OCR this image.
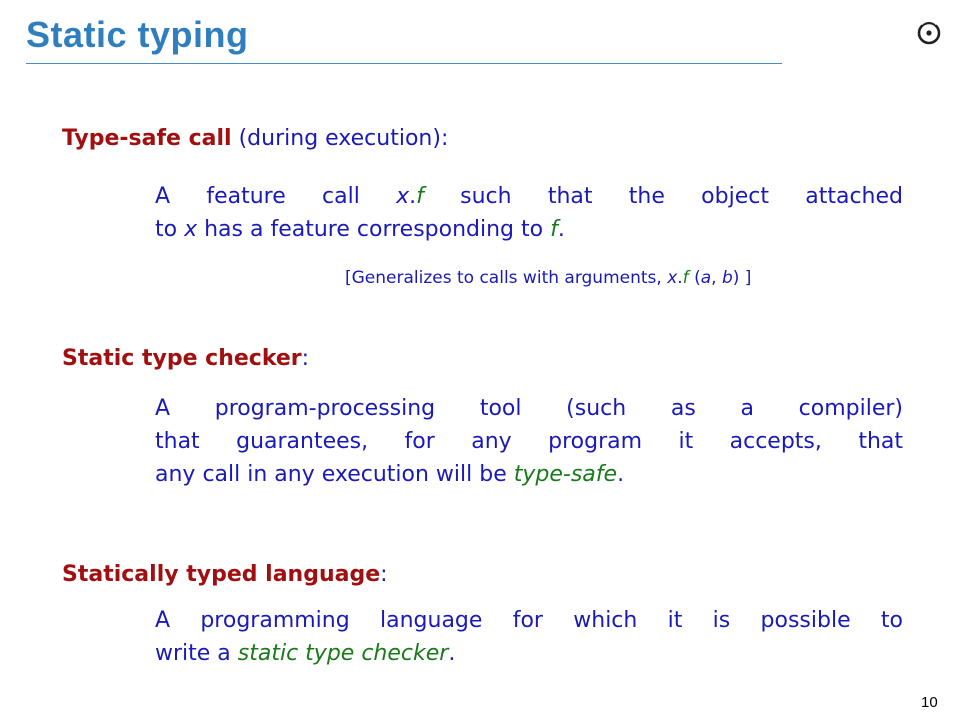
Static typing
Type-safe call (during execution):
A feature call x.f such that the object attached
to x has a feature corresponding to f.
[Generalizes to calls with arguments, x.f (a, b) ]
Static type checker:
A program-processing tool (such as a compiler)
that guarantees, for any program it accepts, that
any call in any execution will be type-safe.
Statically typed language:
A programming language for which it is possible to
write a static type checker.
10
